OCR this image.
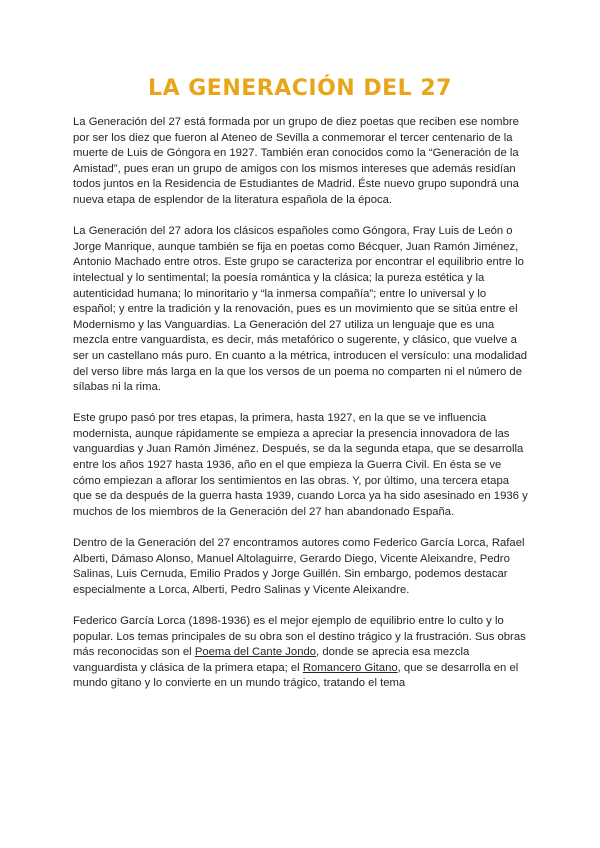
LA GENERACIÓN DEL 27

La Generación del 27 está formada por un grupo de diez poetas que reciben ese nombre por ser los diez que fueron al Ateneo de Sevilla a conmemorar el tercer centenario de la muerte de Luis de Góngora en 1927. También eran conocidos como la “Generación de la Amistad”, pues eran un grupo de amigos con los mismos intereses que además residían todos juntos en la Residencia de Estudiantes de Madrid. Éste nuevo grupo supondrá una nueva etapa de esplendor de la literatura española de la época.

La Generación del 27 adora los clásicos españoles como Góngora, Fray Luis de León o Jorge Manrique, aunque también se fija en poetas como Bécquer, Juan Ramón Jiménez, Antonio Machado entre otros. Este grupo se caracteriza por encontrar el equilibrio entre lo intelectual y lo sentimental; la poesía romántica y la clásica; la pureza estética y la autenticidad humana; lo minoritario y “la inmersa compañía”; entre lo universal y lo español; y entre la tradición y la renovación, pues es un movimiento que se sitúa entre el Modernismo y las Vanguardias. La Generación del 27 utiliza un lenguaje que es una mezcla entre vanguardista, es decir, más metafórico o sugerente, y clásico, que vuelve a ser un castellano más puro. En cuanto a la métrica, introducen el versículo: una modalidad del verso libre más larga en la que los versos de un poema no comparten ni el número de sílabas ni la rima.

Este grupo pasó por tres etapas, la primera, hasta 1927, en la que se ve influencia modernista, aunque rápidamente se empieza a apreciar la presencia innovadora de las vanguardias y Juan Ramón Jiménez. Después, se da la segunda etapa, que se desarrolla entre los años 1927 hasta 1936, año en el que empieza la Guerra Civil. En ésta se ve cómo empiezan a aflorar los sentimientos en las obras. Y, por último, una tercera etapa que se da después de la guerra hasta 1939, cuando Lorca ya ha sido asesinado en 1936 y muchos de los miembros de la Generación del 27 han abandonado España.

Dentro de la Generación del 27 encontramos autores como Federico García Lorca, Rafael Alberti, Dámaso Alonso, Manuel Altolaguirre, Gerardo Diego, Vicente Aleixandre, Pedro Salinas, Luis Cernuda, Emilio Prados y Jorge Guillén. Sin embargo, podemos destacar especialmente a Lorca, Alberti, Pedro Salinas y Vicente Aleixandre.

Federico García Lorca (1898-1936) es el mejor ejemplo de equilibrio entre lo culto y lo popular. Los temas principales de su obra son el destino trágico y la frustración. Sus obras más reconocidas son el Poema del Cante Jondo, donde se aprecia esa mezcla vanguardista y clásica de la primera etapa; el Romancero Gitano, que se desarrolla en el mundo gitano y lo convierte en un mundo trágico, tratando el tema
